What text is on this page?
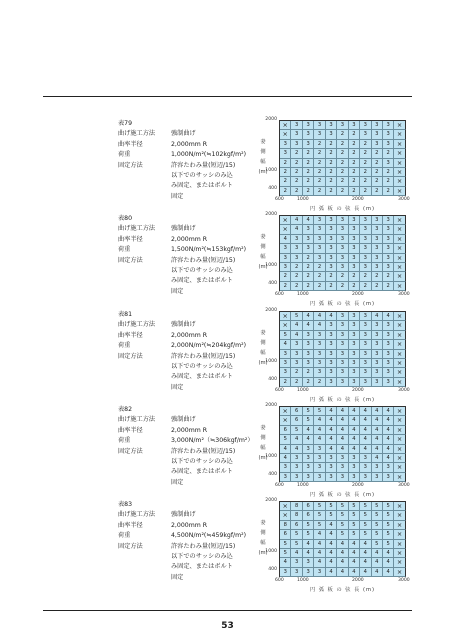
表79
曲げ施工方法	強制曲げ
曲率半径	2,000mm R
荷重	1,000N/m²(≒102kgf/m²)
固定方法	許容たわみ量(短辺/15)
以下でのサッシのみ込
み固定、またはボルト
固定
2000
1000
400
妻
側
幅
(m)
×	3	3	3	3	3	3	3	3	3	×
×	3	3	3	3	2	2	3	3	3	×
3	3	3	2	2	2	2	2	3	3	×
3	2	2	2	2	2	2	2	2	2	×
2	2	2	2	2	2	2	2	2	3	×
2	2	2	2	2	2	2	2	2	2	×
2	2	2	2	2	2	2	2	2	2	×
2	2	2	2	2	2	2	2	2	2	×
600	1000	2000	3000
円 弧 板 の 弦 長 (m)
表80
曲げ施工方法	強制曲げ
曲率半径	2,000mm R
荷重	1,500N/m²(≒153kgf/m²)
固定方法	許容たわみ量(短辺/15)
以下でのサッシのみ込
み固定、またはボルト
固定
2000
1000
400
妻
側
幅
(m)
×	4	4	3	3	3	3	3	3	3	×
×	4	3	3	3	3	3	3	3	3	×
4	3	3	3	3	3	3	3	3	3	×
3	3	3	3	3	3	3	3	3	3	×
3	3	2	3	3	3	3	3	3	3	×
3	2	2	2	3	3	3	3	3	3	×
2	2	2	2	2	2	2	2	2	2	×
2	2	2	2	2	2	2	2	2	2	×
600	1000	2000	3000
円 弧 板 の 弦 長 (m)
表81
曲げ施工方法	強制曲げ
曲率半径	2,000mm R
荷重	2,000N/m²(≒204kgf/m²)
固定方法	許容たわみ量(短辺/15)
以下でのサッシのみ込
み固定、またはボルト
固定
2000
1000
400
妻
側
幅
(m)
×	5	4	4	4	3	3	3	4	4	×
×	4	4	4	3	3	3	3	3	3	×
5	4	3	3	3	3	3	3	3	3	×
4	3	3	3	3	3	3	3	3	3	×
3	3	3	3	3	3	3	3	3	3	×
3	3	3	3	3	3	3	3	3	3	×
3	2	2	3	3	3	3	3	3	3	×
2	2	2	2	3	3	3	3	3	3	×
600	1000	2000	3000
円 弧 板 の 弦 長 (m)
表82
曲げ施工方法	強制曲げ
曲率半径	2,000mm R
荷重	3,000N/m²（≒306kgf/m²）
固定方法	許容たわみ量(短辺/15)
以下でのサッシのみ込
み固定、またはボルト
固定
2000
1000
400
妻
側
幅
(m)
×	6	5	5	4	4	4	4	4	4	×
×	6	5	4	4	4	4	4	4	4	×
6	5	4	4	4	4	4	4	4	4	×
5	4	4	4	4	4	4	4	4	4	×
4	4	3	3	4	4	4	4	4	4	×
4	3	3	3	3	3	3	3	4	4	×
3	3	3	3	3	3	3	3	3	3	×
3	3	3	3	3	3	3	3	3	3	×
600	1000	2000	3000
円 弧 板 の 弦 長 (m)
表83
曲げ施工方法	強制曲げ
曲率半径	2,000mm R
荷重	4,500N/m²(≒459kgf/m²)
固定方法	許容たわみ量(短辺/15)
以下でのサッシのみ込
み固定、またはボルト
固定
2000
1000
400
妻
側
幅
(m)
×	8	6	5	5	5	5	5	5	5	×
×	8	6	5	5	5	5	5	5	5	×
8	6	5	5	4	5	5	5	5	5	×
6	5	5	4	4	5	5	5	5	5	×
5	5	4	4	4	4	4	4	5	5	×
5	4	4	4	4	4	4	4	4	4	×
4	3	3	4	4	4	4	4	4	4	×
3	3	3	3	4	4	4	4	4	4	×
600	1000	2000	3000
円 弧 板 の 弦 長 (m)
53
